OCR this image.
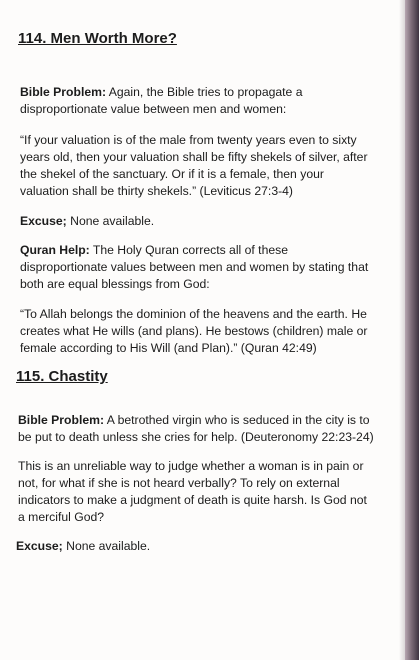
114. Men Worth More?

Bible Problem: Again, the Bible tries to propagate a disproportionate value between men and women:

“If your valuation is of the male from twenty years even to sixty years old, then your valuation shall be fifty shekels of silver, after the shekel of the sanctuary. Or if it is a female, then your valuation shall be thirty shekels.” (Leviticus 27:3-4)

Excuse; None available.

Quran Help: The Holy Quran corrects all of these disproportionate values between men and women by stating that both are equal blessings from God:

“To Allah belongs the dominion of the heavens and the earth. He creates what He wills (and plans). He bestows (children) male or female according to His Will (and Plan).” (Quran 42:49)

115. Chastity

Bible Problem: A betrothed virgin who is seduced in the city is to be put to death unless she cries for help. (Deuteronomy 22:23-24)

This is an unreliable way to judge whether a woman is in pain or not, for what if she is not heard verbally? To rely on external indicators to make a judgment of death is quite harsh. Is God not a merciful God?

Excuse; None available.
